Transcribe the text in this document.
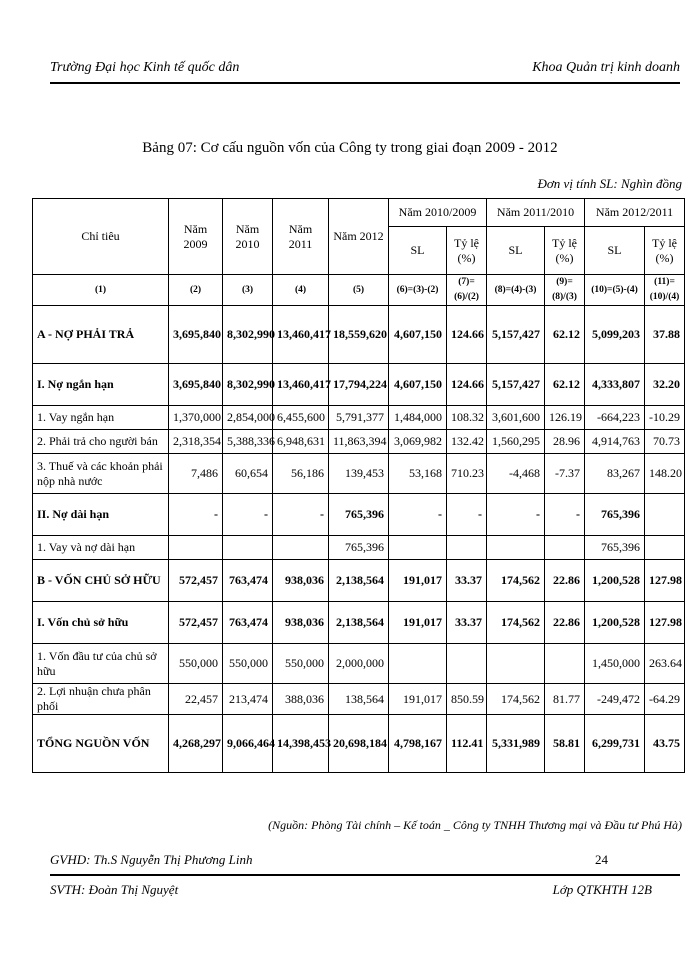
Trường Đại học Kinh tế quốc dân	Khoa Quản trị kinh doanh
Bảng 07: Cơ cấu nguồn vốn của Công ty trong giai đoạn 2009 - 2012
Đơn vị tính SL: Nghìn đồng
Chỉ tiêu	Năm 2009	Năm 2010	Năm 2011	Năm 2012	Năm 2010/2009		Năm 2011/2010		Năm 2012/2011	
					SL	Tỷ lệ (%)	SL	Tỷ lệ (%)	SL	Tỷ lệ (%)
(1)	(2)	(3)	(4)	(5)	(6)=(3)-(2)	(7)=(6)/(2)	(8)=(4)-(3)	(9)=(8)/(3)	(10)=(5)-(4)	(11)=(10)/(4)
A - NỢ PHẢI TRẢ	3,695,840	8,302,990	13,460,417	18,559,620	4,607,150	124.66	5,157,427	62.12	5,099,203	37.88
I. Nợ ngắn hạn	3,695,840	8,302,990	13,460,417	17,794,224	4,607,150	124.66	5,157,427	62.12	4,333,807	32.20
1. Vay ngắn hạn	1,370,000	2,854,000	6,455,600	5,791,377	1,484,000	108.32	3,601,600	126.19	-664,223	-10.29
2. Phải trả cho người bán	2,318,354	5,388,336	6,948,631	11,863,394	3,069,982	132.42	1,560,295	28.96	4,914,763	70.73
3. Thuế và các khoản phải nộp nhà nước	7,486	60,654	56,186	139,453	53,168	710.23	-4,468	-7.37	83,267	148.20
II. Nợ dài hạn	-	-	-	765,396	-	-	-	-	765,396	
1. Vay và nợ dài hạn				765,396					765,396	
B - VỐN CHỦ SỞ HỮU	572,457	763,474	938,036	2,138,564	191,017	33.37	174,562	22.86	1,200,528	127.98
I. Vốn chủ sở hữu	572,457	763,474	938,036	2,138,564	191,017	33.37	174,562	22.86	1,200,528	127.98
1. Vốn đầu tư của chủ sở hữu	550,000	550,000	550,000	2,000,000					1,450,000	263.64
2. Lợi nhuận chưa phân phối	22,457	213,474	388,036	138,564	191,017	850.59	174,562	81.77	-249,472	-64.29
TỔNG NGUỒN VỐN	4,268,297	9,066,464	14,398,453	20,698,184	4,798,167	112.41	5,331,989	58.81	6,299,731	43.75
(Nguồn: Phòng Tài chính – Kế toán _ Công ty TNHH Thương mại và Đầu tư Phú Hà)
GVHD: Th.S Nguyễn Thị Phương Linh	24
SVTH: Đoàn Thị Nguyệt	Lớp QTKHTH 12B
